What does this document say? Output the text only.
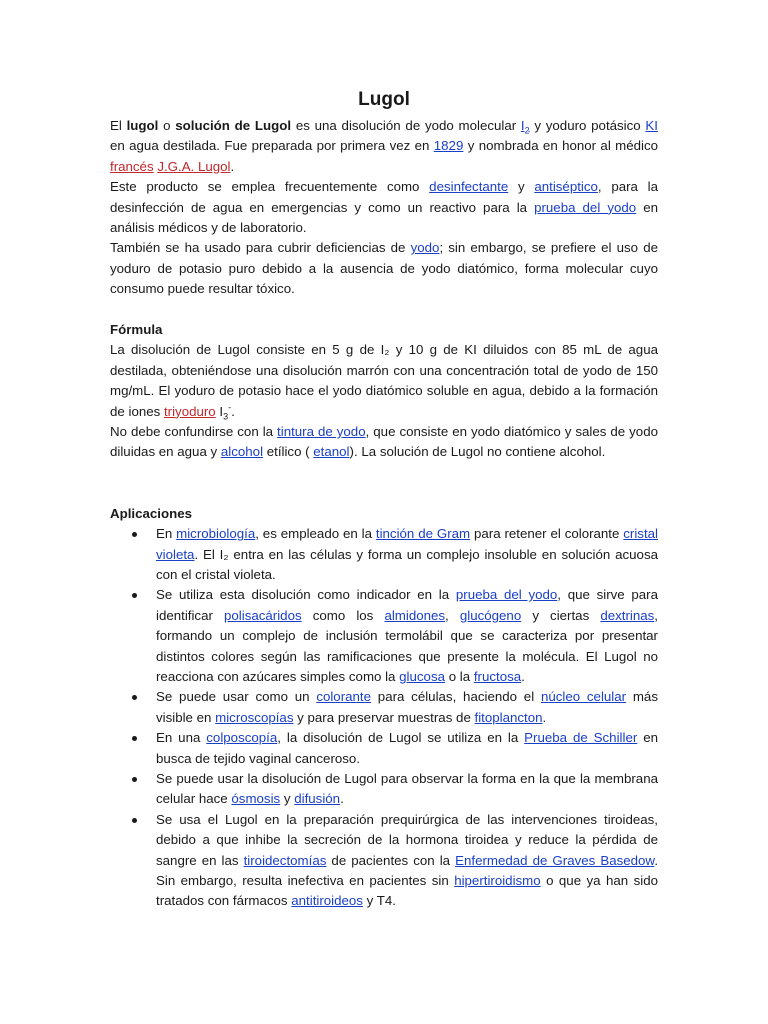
Lugol

El lugol o solución de Lugol es una disolución de yodo molecular $I_2$ y yoduro potásico KI en agua destilada. Fue preparada por primera vez en 1829 y nombrada en honor al médico francés J.G.A. Lugol.

Este producto se emplea frecuentemente como desinfectante y antiséptico, para la desinfección de agua en emergencias y como un reactivo para la prueba del yodo en análisis médicos y de laboratorio.

También se ha usado para cubrir deficiencias de yodo; sin embargo, se prefiere el uso de yoduro de potasio puro debido a la ausencia de yodo diatómico, forma molecular cuyo consumo puede resultar tóxico.

Fórmula

La disolución de Lugol consiste en 5 g de I₂ y 10 g de KI diluidos con 85 mL de agua destilada, obteniéndose una disolución marrón con una concentración total de yodo de 150 mg/mL. El yoduro de potasio hace el yodo diatómico soluble en agua, debido a la formación de iones triyoduro $I_3^-$.

No debe confundirse con la tintura de yodo, que consiste en yodo diatómico y sales de yodo diluidas en agua y alcohol etílico ( etanol). La solución de Lugol no contiene alcohol.

Aplicaciones

En microbiología, es empleado en la tinción de Gram para retener el colorante cristal violeta. El I₂ entra en las células y forma un complejo insoluble en solución acuosa con el cristal violeta.
Se utiliza esta disolución como indicador en la prueba del yodo, que sirve para identificar polisacáridos como los almidones, glucógeno y ciertas dextrinas, formando un complejo de inclusión termolábil que se caracteriza por presentar distintos colores según las ramificaciones que presente la molécula. El Lugol no reacciona con azúcares simples como la glucosa o la fructosa.
Se puede usar como un colorante para células, haciendo el núcleo celular más visible en microscopías y para preservar muestras de fitoplancton.
En una colposcopía, la disolución de Lugol se utiliza en la Prueba de Schiller en busca de tejido vaginal canceroso.
Se puede usar la disolución de Lugol para observar la forma en la que la membrana celular hace ósmosis y difusión.
Se usa el Lugol en la preparación prequirúrgica de las intervenciones tiroideas, debido a que inhibe la secreción de la hormona tiroidea y reduce la pérdida de sangre en las tiroidectomías de pacientes con la Enfermedad de Graves Basedow. Sin embargo, resulta inefectiva en pacientes sin hipertiroidismo o que ya han sido tratados con fármacos antitiroideos y T4.
